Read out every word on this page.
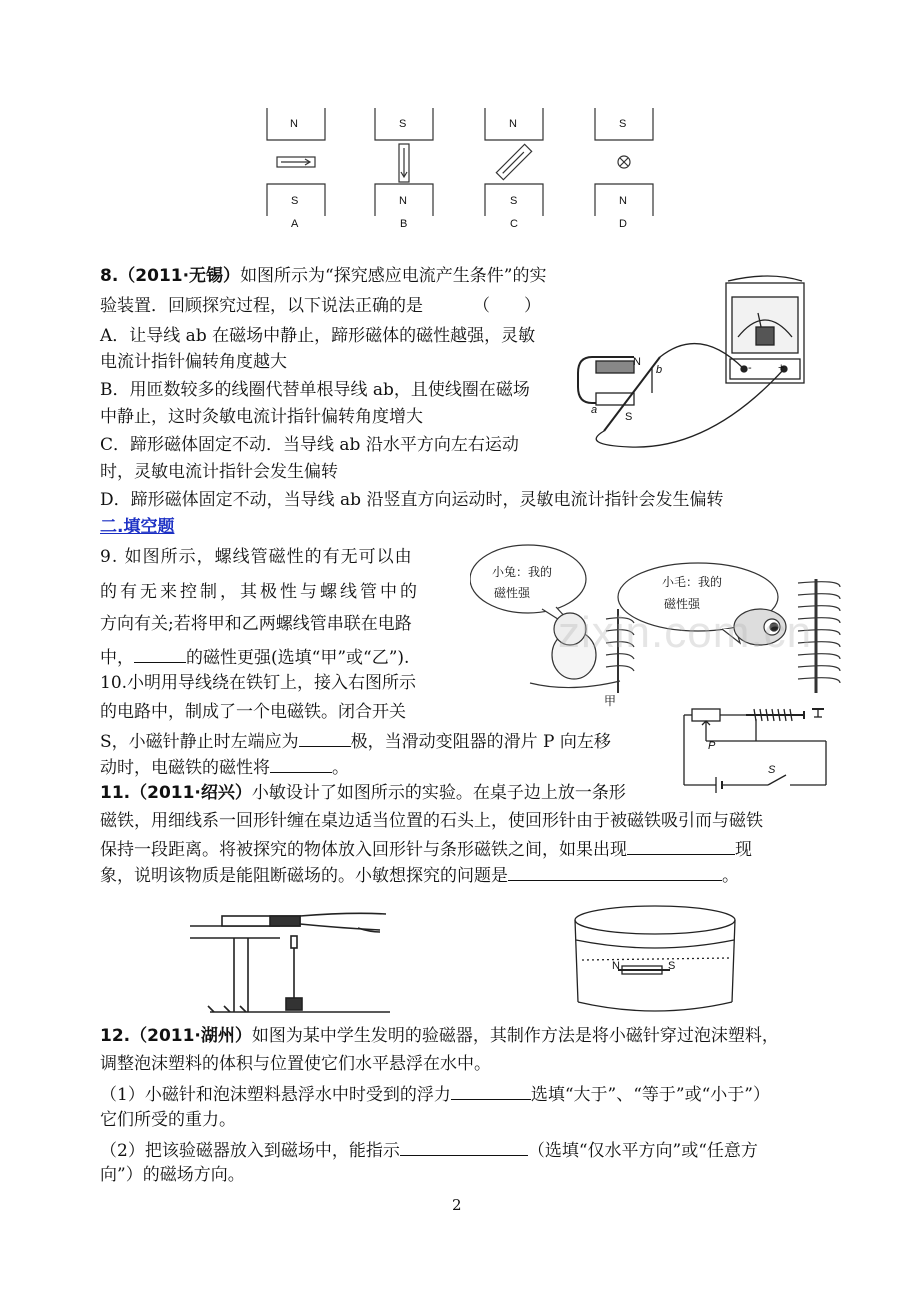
N
S
A
S
N
B
N
S
C
S
N
D
8.（2011·无锡）如图所示为“探究感应电流产生条件”的实
验装置．回顾探究过程，以下说法正确的是	（　　）
A．让导线 ab 在磁场中静止，蹄形磁体的磁性越强，灵敏
电流计指针偏转角度越大
B．用匝数较多的线圈代替单根导线 ab，且使线圈在磁场
中静止，这时灸敏电流计指针偏转角度增大
C．蹄形磁体固定不动．当导线 ab 沿水平方向左右运动
时，灵敏电流计指针会发生偏转
D．蹄形磁体固定不动，当导线 ab 沿竖直方向运动时，灵敏电流计指针会发生偏转
N
b
a
S
- +
二.填空题
9. 如图所示，螺线管磁性的有无可以由
的有无来控制，其极性与螺线管中的
方向有关;若将甲和乙两螺线管串联在电路
中，	的磁性更强(选填“甲”或“乙”).
小兔：我的
磁性强
小毛：我的
磁性强
甲
zixin.com.cn
10.小明用导线绕在铁钉上，接入右图所示
的电路中，制成了一个电磁铁。闭合开关
S，小磁针静止时左端应为	极，当滑动变阻器的滑片 P 向左移
动时，电磁铁的磁性将	。
P
S
11.（2011·绍兴）小敏设计了如图所示的实验。在桌子边上放一条形
磁铁，用细线系一回形针缠在桌边适当位置的石头上，使回形针由于被磁铁吸引而与磁铁
保持一段距离。将被探究的物体放入回形针与条形磁铁之间，如果出现	现
象，说明该物质是能阻断磁场的。小敏想探究的问题是	。
N	S
12.（2011·湖州）如图为某中学生发明的验磁器，其制作方法是将小磁针穿过泡沫塑料，
调整泡沫塑料的体积与位置使它们水平悬浮在水中。
（1）小磁针和泡沫塑料悬浮水中时受到的浮力	选填“大于”、“等于”或“小于”）
它们所受的重力。
（2）把该验磁器放入到磁场中，能指示	（选填“仅水平方向”或“任意方
向”）的磁场方向。
2
